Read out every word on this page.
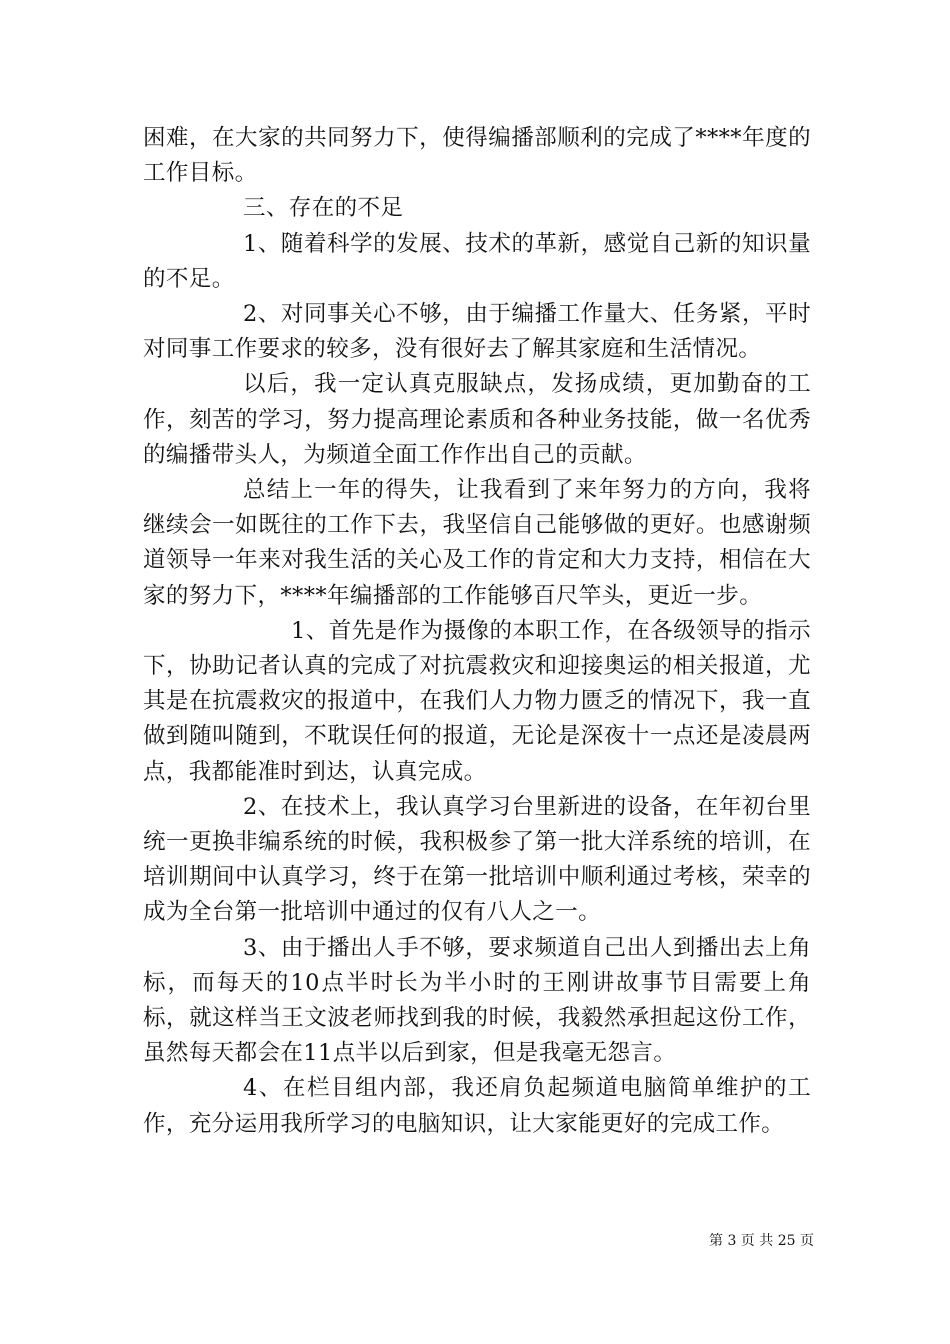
困难，在大家的共同努力下，使得编播部顺利的完成了****年度的工作目标。

三、存在的不足

1、随着科学的发展、技术的革新，感觉自己新的知识量的不足。

2、对同事关心不够，由于编播工作量大、任务紧，平时对同事工作要求的较多，没有很好去了解其家庭和生活情况。

以后，我一定认真克服缺点，发扬成绩，更加勤奋的工作，刻苦的学习，努力提高理论素质和各种业务技能，做一名优秀的编播带头人，为频道全面工作作出自己的贡献。

总结上一年的得失，让我看到了来年努力的方向，我将继续会一如既往的工作下去，我坚信自己能够做的更好。也感谢频道领导一年来对我生活的关心及工作的肯定和大力支持，相信在大家的努力下，****年编播部的工作能够百尺竿头，更近一步。

1、首先是作为摄像的本职工作，在各级领导的指示下，协助记者认真的完成了对抗震救灾和迎接奥运的相关报道，尤其是在抗震救灾的报道中，在我们人力物力匮乏的情况下，我一直做到随叫随到，不耽误任何的报道，无论是深夜十一点还是凌晨两点，我都能准时到达，认真完成。

2、在技术上，我认真学习台里新进的设备，在年初台里统一更换非编系统的时候，我积极参了第一批大洋系统的培训，在培训期间中认真学习，终于在第一批培训中顺利通过考核，荣幸的成为全台第一批培训中通过的仅有八人之一。

3、由于播出人手不够，要求频道自己出人到播出去上角标，而每天的10点半时长为半小时的王刚讲故事节目需要上角标，就这样当王文波老师找到我的时候，我毅然承担起这份工作，虽然每天都会在11点半以后到家，但是我毫无怨言。

4、在栏目组内部，我还肩负起频道电脑简单维护的工作，充分运用我所学习的电脑知识，让大家能更好的完成工作。

第 3 页 共 25 页
